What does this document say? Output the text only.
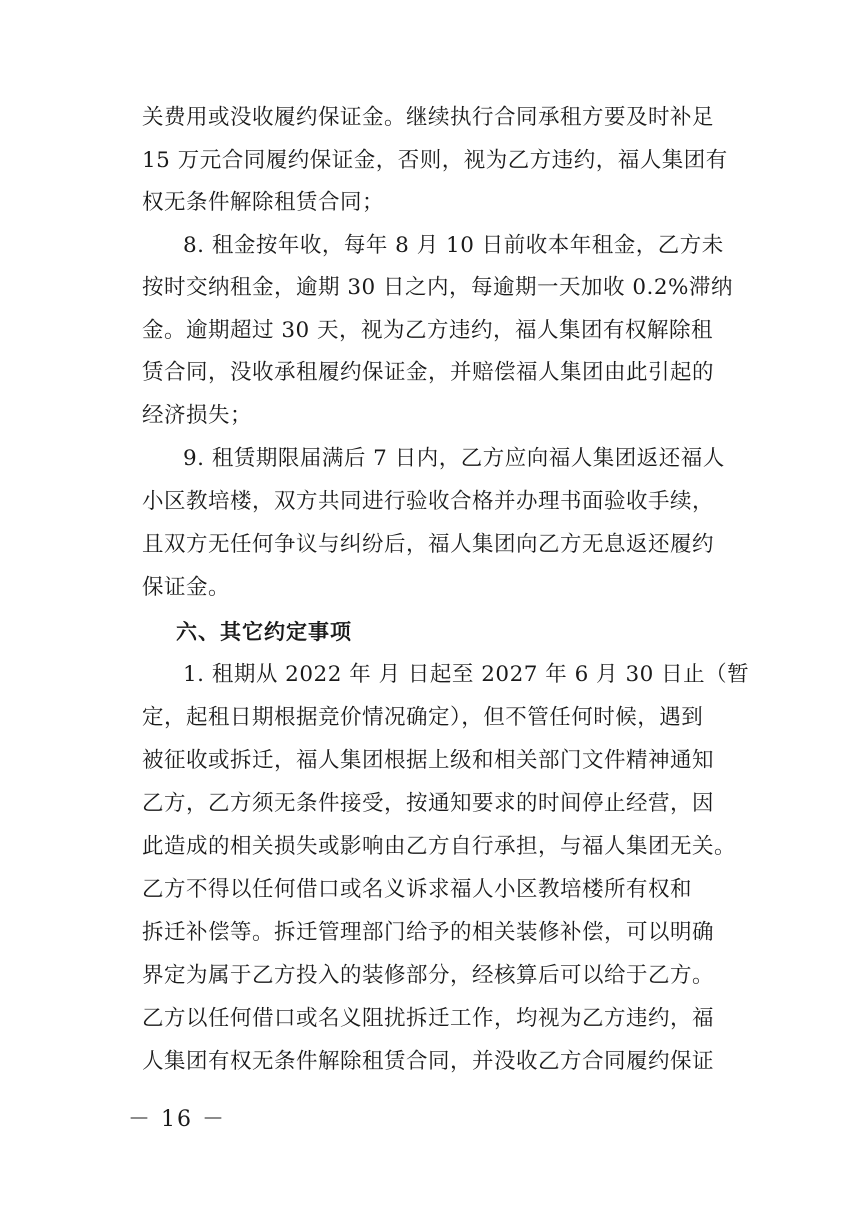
关费用或没收履约保证金。继续执行合同承租方要及时补足
15 万元合同履约保证金，否则，视为乙方违约，福人集团有
权无条件解除租赁合同；
8. 租金按年收，每年 8 月 10 日前收本年租金，乙方未
按时交纳租金，逾期 30 日之内，每逾期一天加收 0.2%滞纳
金。逾期超过 30 天，视为乙方违约，福人集团有权解除租
赁合同，没收承租履约保证金，并赔偿福人集团由此引起的
经济损失；
9. 租赁期限届满后 7 日内，乙方应向福人集团返还福人
小区教培楼，双方共同进行验收合格并办理书面验收手续，
且双方无任何争议与纠纷后，福人集团向乙方无息返还履约
保证金。
六、其它约定事项
1. 租期从 2022 年 月 日起至 2027 年 6 月 30 日止（暂
定，起租日期根据竞价情况确定），但不管任何时候，遇到
被征收或拆迁，福人集团根据上级和相关部门文件精神通知
乙方，乙方须无条件接受，按通知要求的时间停止经营，因
此造成的相关损失或影响由乙方自行承担，与福人集团无关。
乙方不得以任何借口或名义诉求福人小区教培楼所有权和
拆迁补偿等。拆迁管理部门给予的相关装修补偿，可以明确
界定为属于乙方投入的装修部分，经核算后可以给于乙方。
乙方以任何借口或名义阻扰拆迁工作，均视为乙方违约，福
人集团有权无条件解除租赁合同，并没收乙方合同履约保证
－ 16 －
